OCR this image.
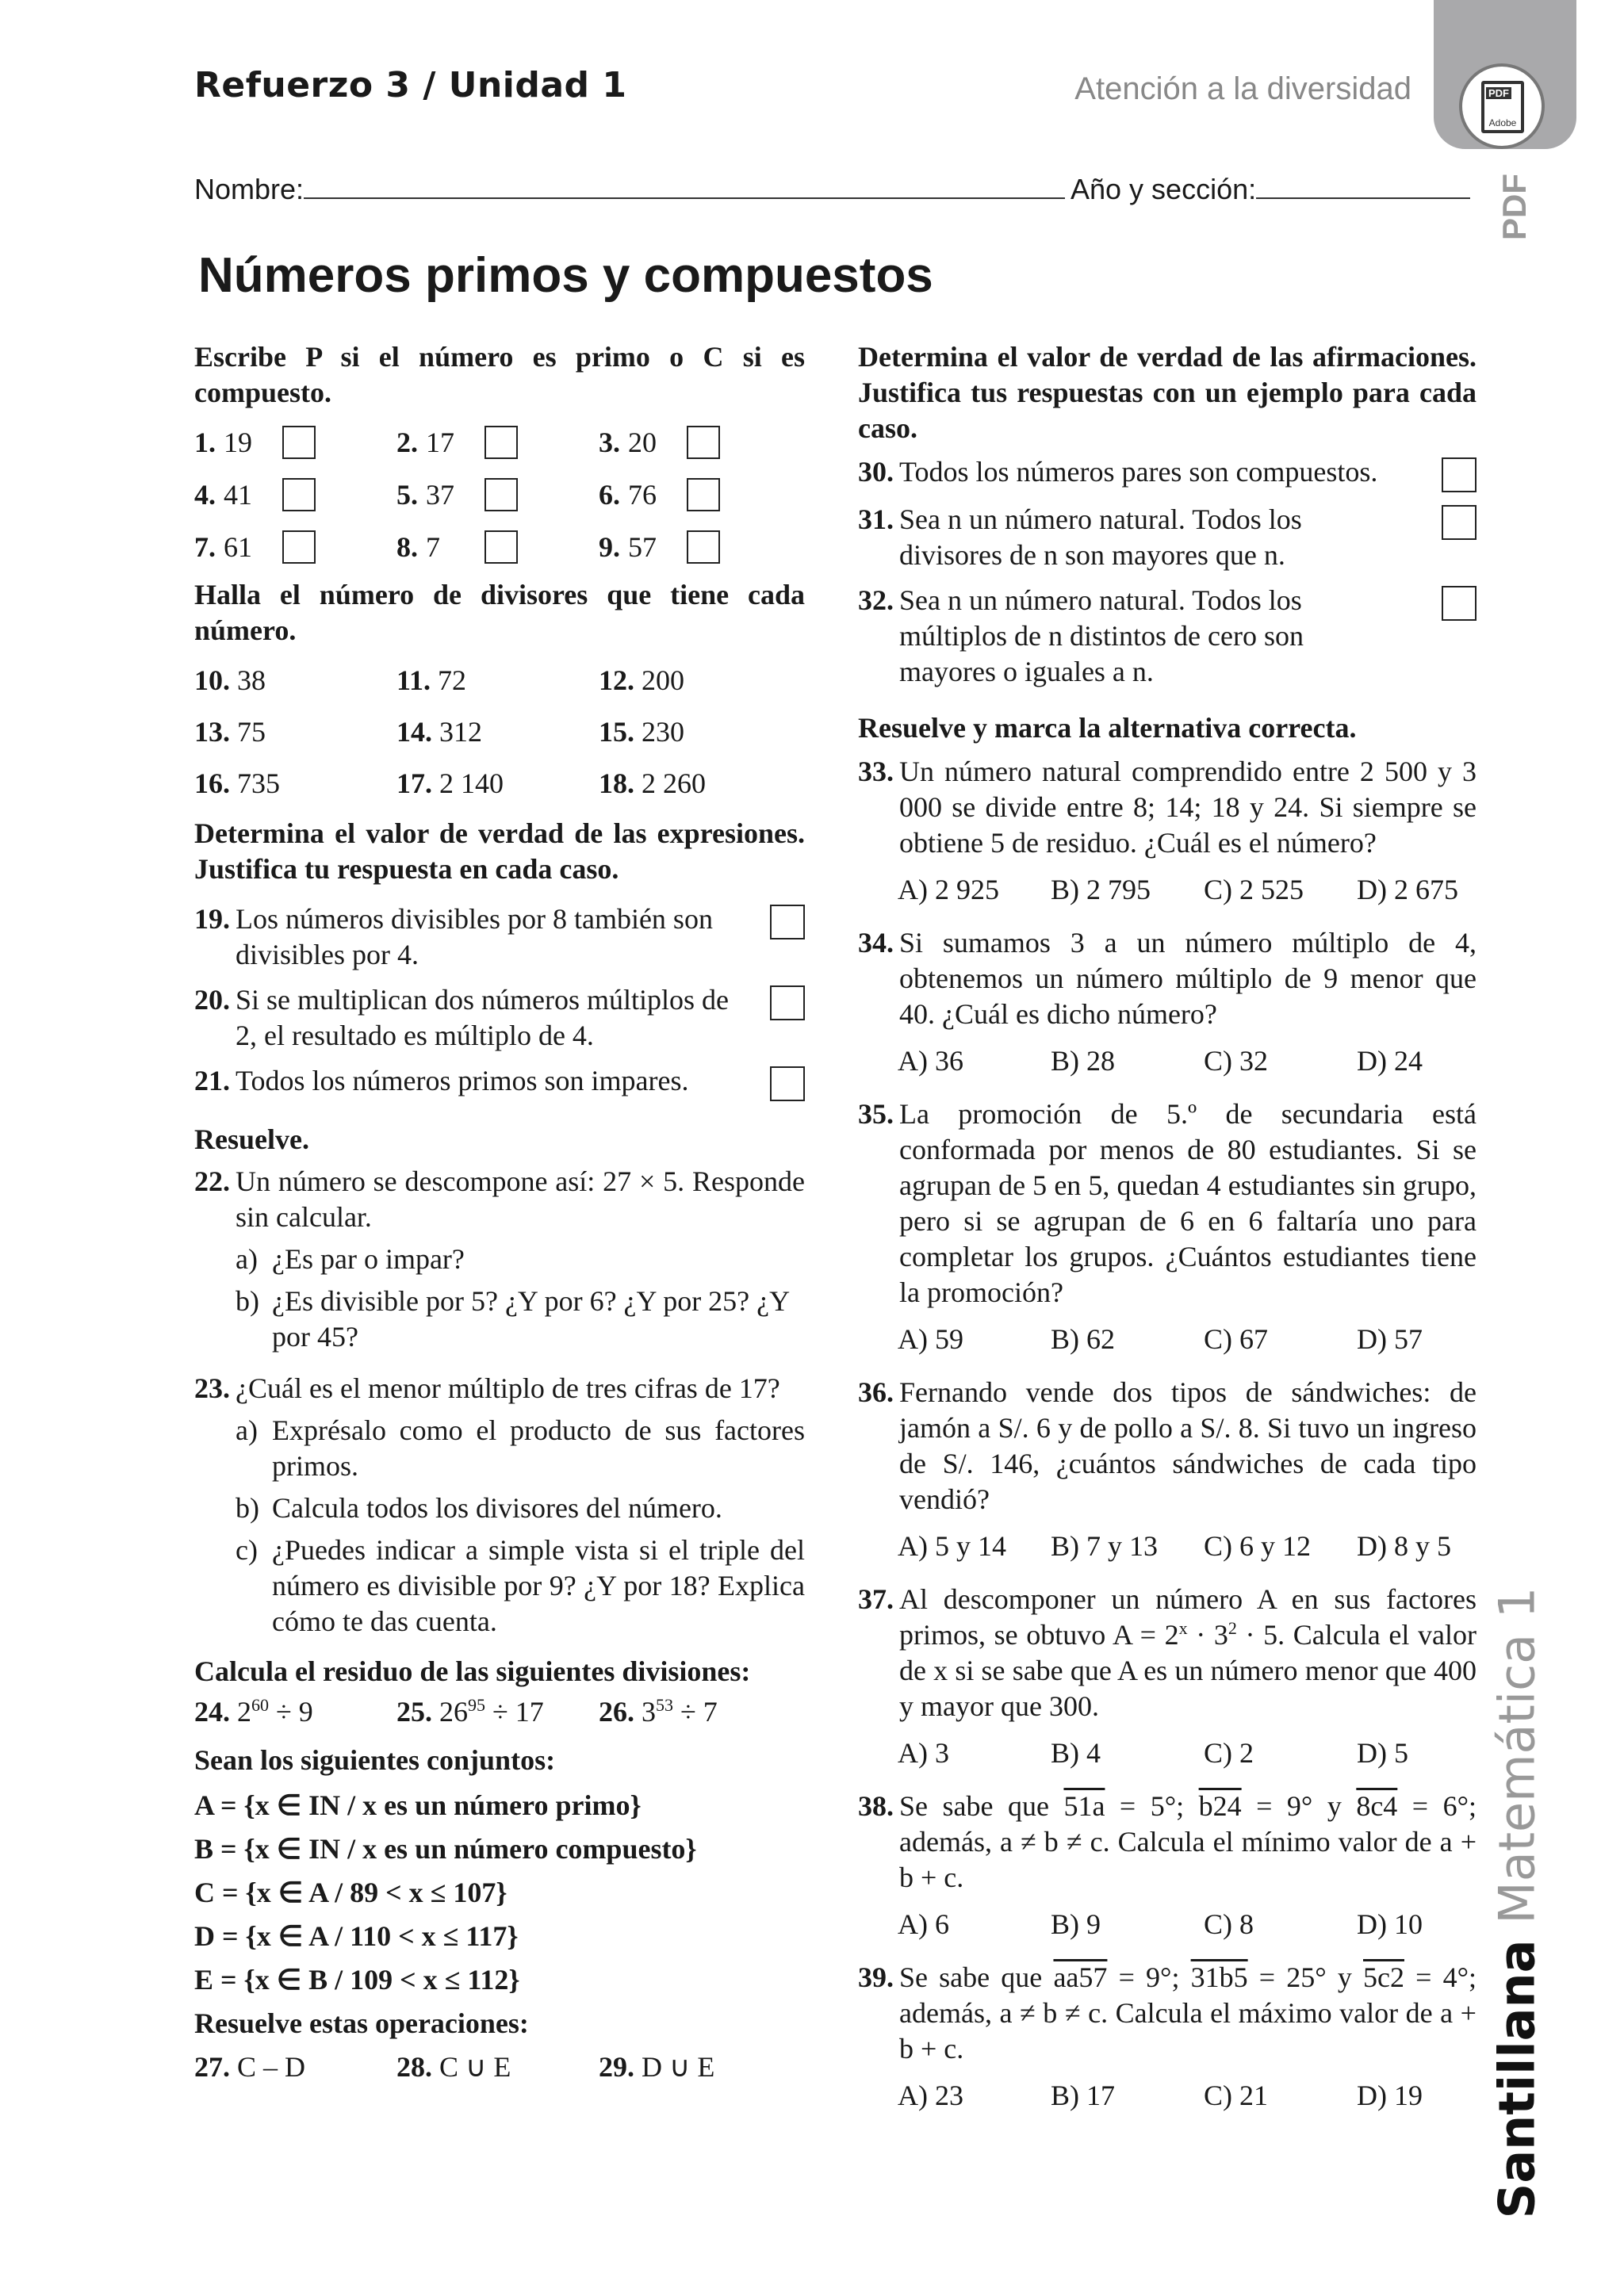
PDF
Adobe
PDF
Refuerzo 3 / Unidad 1	Atención a la diversidad
Nombre:	Año y sección:
Números primos y compuestos
Santillana Matemática 1
Escribe P si el número es primo o C si es compuesto.
1. 19	2. 17	3. 20
4. 41	5. 37	6. 76
7. 61	8. 7	9. 57
Halla el número de divisores que tiene cada número.
10. 38	11. 72	12. 200
13. 75	14. 312	15. 230
16. 735	17. 2 140	18. 2 260
Determina el valor de verdad de las expresiones. Justifica tu respuesta en cada caso.
19. Los números divisibles por 8 también son divisibles por 4.
20. Si se multiplican dos números múltiplos de 2, el resultado es múltiplo de 4.
21. Todos los números primos son impares.
Resuelve.
22. Un número se descompone así: 27 × 5. Responde sin calcular.
a) ¿Es par o impar?
b) ¿Es divisible por 5? ¿Y por 6? ¿Y por 25? ¿Y por 45?
23. ¿Cuál es el menor múltiplo de tres cifras de 17?
a) Exprésalo como el producto de sus factores primos.
b) Calcula todos los divisores del número.
c) ¿Puedes indicar a simple vista si el triple del número es divisible por 9? ¿Y por 18? Explica cómo te das cuenta.
Calcula el residuo de las siguientes divisiones:
24. $2^{60} \div 9$	25. $26^{95} \div 17$	26. $3^{53} \div 7$
Sean los siguientes conjuntos:
A = {x ∈ IN / x es un número primo}
B = {x ∈ IN / x es un número compuesto}
C = {x ∈ A / 89 < x ≤ 107}
D = {x ∈ A / 110 < x ≤ 117}
E = {x ∈ B / 109 < x ≤ 112}
Resuelve estas operaciones:
27. C – D	28. C ∪ E	29. D ∪ E
Determina el valor de verdad de las afirmaciones. Justifica tus respuestas con un ejemplo para cada caso.
30. Todos los números pares son compuestos.
31. Sea n un número natural. Todos los divisores de n son mayores que n.
32. Sea n un número natural. Todos los múltiplos de n distintos de cero son mayores o iguales a n.
Resuelve y marca la alternativa correcta.
33. Un número natural comprendido entre 2 500 y 3 000 se divide entre 8; 14; 18 y 24. Si siempre se obtiene 5 de residuo. ¿Cuál es el número?
A) 2 925	B) 2 795	C) 2 525	D) 2 675
34. Si sumamos 3 a un número múltiplo de 4, obtenemos un número múltiplo de 9 menor que 40. ¿Cuál es dicho número?
A) 36	B) 28	C) 32	D) 24
35. La promoción de 5.º de secundaria está conformada por menos de 80 estudiantes. Si se agrupan de 5 en 5, quedan 4 estudiantes sin grupo, pero si se agrupan de 6 en 6 faltaría uno para completar los grupos. ¿Cuántos estudiantes tiene la promoción?
A) 59	B) 62	C) 67	D) 57
36. Fernando vende dos tipos de sándwiches: de jamón a S/. 6 y de pollo a S/. 8. Si tuvo un ingreso de S/. 146, ¿cuántos sándwiches de cada tipo vendió?
A) 5 y 14	B) 7 y 13	C) 6 y 12	D) 8 y 5
37. Al descomponer un número A en sus factores primos, se obtuvo $A = 2^x \cdot 3^2 \cdot 5$. Calcula el valor de x si se sabe que A es un número menor que 400 y mayor que 300.
A) 3	B) 4	C) 2	D) 5
38. Se sabe que 51a = 5°; b24 = 9° y 8c4 = 6°; además, a ≠ b ≠ c. Calcula el mínimo valor de a + b + c.
A) 6	B) 9	C) 8	D) 10
39. Se sabe que aa57 = 9°; 31b5 = 25° y 5c2 = 4°; además, a ≠ b ≠ c. Calcula el máximo valor de a + b + c.
A) 23	B) 17	C) 21	D) 19
